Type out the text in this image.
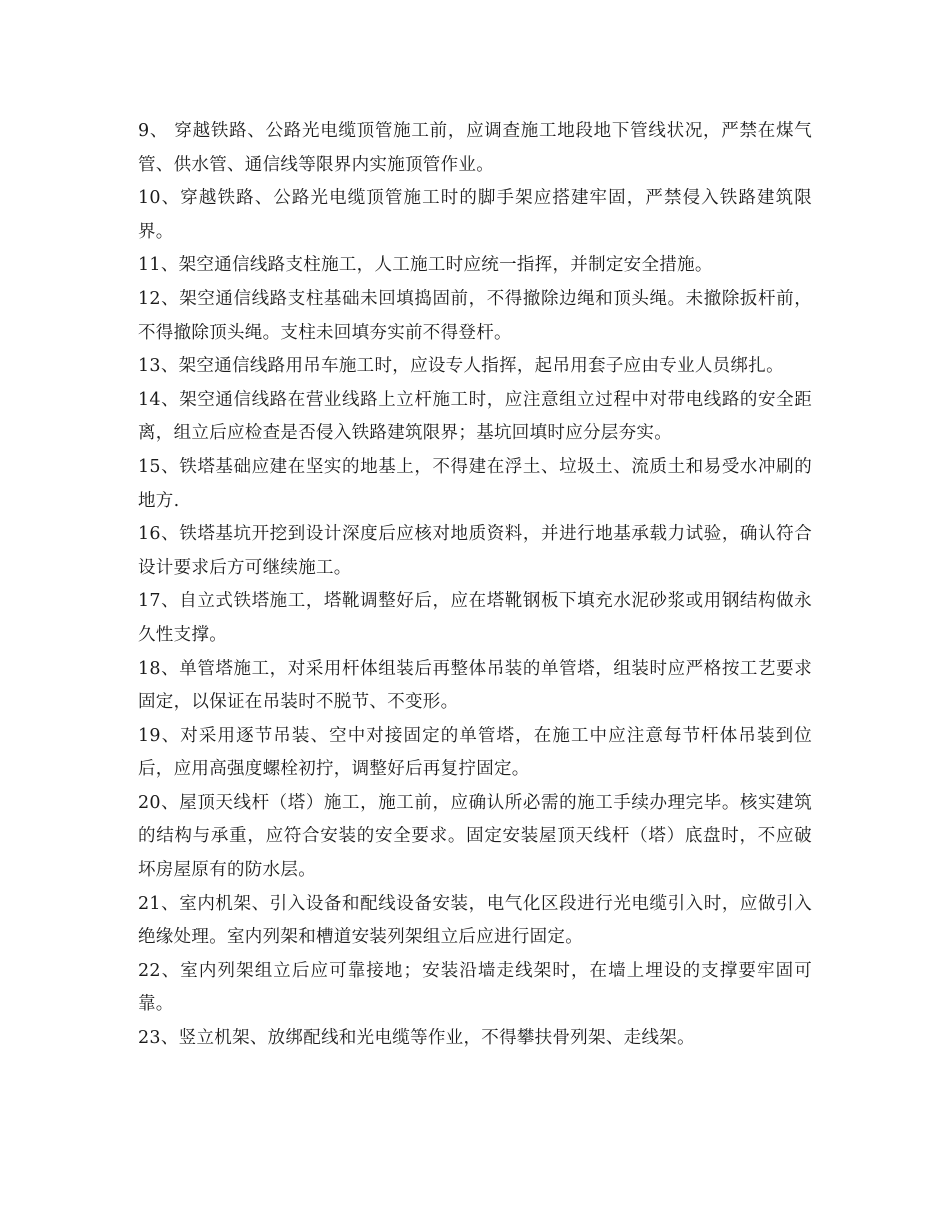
9、 穿越铁路、公路光电缆顶管施工前，应调查施工地段地下管线状况，严禁在煤气管、供水管、通信线等限界内实施顶管作业。

10、穿越铁路、公路光电缆顶管施工时的脚手架应搭建牢固，严禁侵入铁路建筑限界。

11、架空通信线路支柱施工，人工施工时应统一指挥，并制定安全措施。

12、架空通信线路支柱基础未回填捣固前，不得撤除边绳和顶头绳。未撤除扳杆前，不得撤除顶头绳。支柱未回填夯实前不得登杆。

13、架空通信线路用吊车施工时，应设专人指挥，起吊用套子应由专业人员绑扎。

14、架空通信线路在营业线路上立杆施工时，应注意组立过程中对带电线路的安全距离，组立后应检查是否侵入铁路建筑限界；基坑回填时应分层夯实。

15、铁塔基础应建在坚实的地基上，不得建在浮土、垃圾土、流质土和易受水冲刷的地方.

16、铁塔基坑开挖到设计深度后应核对地质资料，并进行地基承载力试验，确认符合设计要求后方可继续施工。

17、自立式铁塔施工，塔靴调整好后，应在塔靴钢板下填充水泥砂浆或用钢结构做永久性支撑。

18、单管塔施工，对采用杆体组装后再整体吊装的单管塔，组装时应严格按工艺要求固定，以保证在吊装时不脱节、不变形。

19、对采用逐节吊装、空中对接固定的单管塔，在施工中应注意每节杆体吊装到位后，应用高强度螺栓初拧，调整好后再复拧固定。

20、屋顶天线杆（塔）施工，施工前，应确认所必需的施工手续办理完毕。核实建筑的结构与承重，应符合安装的安全要求。固定安装屋顶天线杆（塔）底盘时，不应破坏房屋原有的防水层。

21、室内机架、引入设备和配线设备安装，电气化区段进行光电缆引入时，应做引入绝缘处理。室内列架和槽道安装列架组立后应进行固定。

22、室内列架组立后应可靠接地；安装沿墙走线架时，在墙上埋设的支撑要牢固可靠。

23、竖立机架、放绑配线和光电缆等作业，不得攀扶骨列架、走线架。
